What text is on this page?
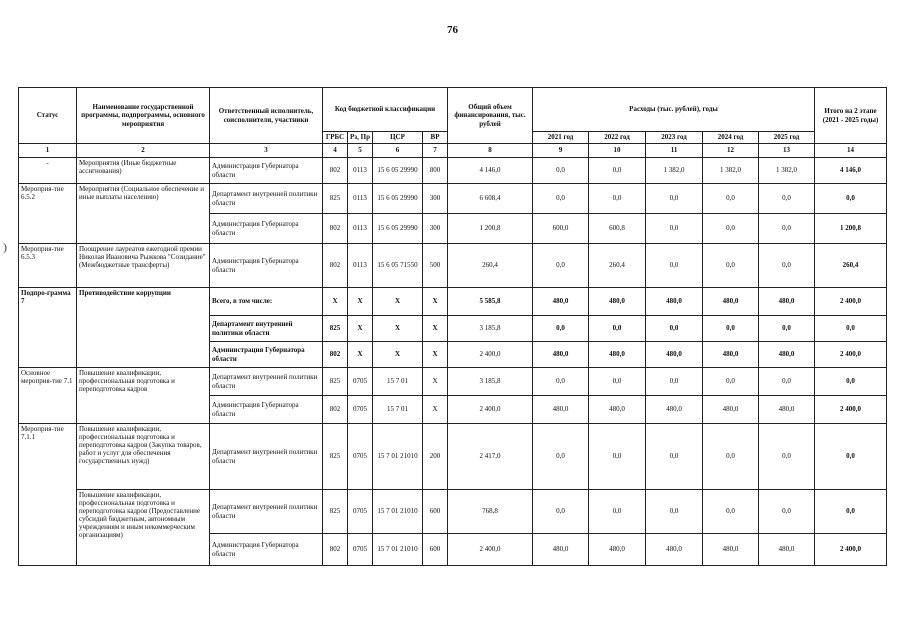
76
)
Статус	Наименование государственной программы, подпрограммы, основного мероприятия	Ответственный исполнитель, соисполнители, участники	Код бюджетной классификации				Общий объем финансирования, тыс. рублей	Расходы (тыс. рублей), годы					Итого на 2 этапе (2021 - 2025 годы)
			ГРБС	Рз, Пр	ЦСР	ВР		2021 год	2022 год	2023 год	2024 год	2025 год	
1	2	3	4	5	6	7	8	9	10	11	12	13	14
-	Мероприятия (Иные бюджетные ассигнования)	Администрация Губернатора области	802	0113	15 6 05 29990	800	4 146,0	0,0	0,0	1 382,0	1 382,0	1 382,0	4 146,0
Мероприя-тие 6.5.2	Мероприятия (Социальное обеспечение и иные выплаты населению)	Департамент внутренней политики области	825	0113	15 6 05 29990	300	6 608,4	0,0	0,0	0,0	0,0	0,0	0,0
		Администрация Губернатора области	802	0113	15 6 05 29990	300	1 200,8	600,0	600,8	0,0	0,0	0,0	1 200,8
Мероприя-тие 6.5.3	Поощрение лауреатов ежегодной премии Николая Ивановича Рыжкова "Созидание" (Межбюджетные трансферты)	Администрация Губернатора области	802	0113	15 6 05 71550	500	260,4	0,0	260,4	0,0	0,0	0,0	260,4
Подпро-грамма 7	Противодействие коррупции	Всего, в том числе:	X	X	X	X	5 585,8	480,0	480,0	480,0	480,0	480,0	2 400,0
		Департамент внутренней политики области	825	X	X	X	3 185,8	0,0	0,0	0,0	0,0	0,0	0,0
		Администрация Губернатора области	802	X	X	X	2 400,0	480,0	480,0	480,0	480,0	480,0	2 400,0
Основное мероприя-тие 7.1	Повышение квалификации, профессиональная подготовка и переподготовка кадров	Департамент внутренней политики области	825	0705	15 7 01	X	3 185,8	0,0	0,0	0,0	0,0	0,0	0,0
		Администрация Губернатора области	802	0705	15 7 01	X	2 400,0	480,0	480,0	480,0	480,0	480,0	2 400,0
Мероприя-тие 7.1.1	Повышение квалификации, профессиональная подготовка и переподготовка кадров (Закупка товаров, работ и услуг для обеспечения государственных нужд)	Департамент внутренней политики области	825	0705	15 7 01 21010	200	2 417,0	0,0	0,0	0,0	0,0	0,0	0,0
	Повышение квалификации, профессиональная подготовка и переподготовка кадров (Предоставление субсидий бюджетным, автономным учреждениям и иным некоммерческим организациям)	Департамент внутренней политики области	825	0705	15 7 01 21010	600	768,8	0,0	0,0	0,0	0,0	0,0	0,0
		Администрация Губернатора области	802	0705	15 7 01 21010	600	2 400,0	480,0	480,0	480,0	480,0	480,0	2 400,0
